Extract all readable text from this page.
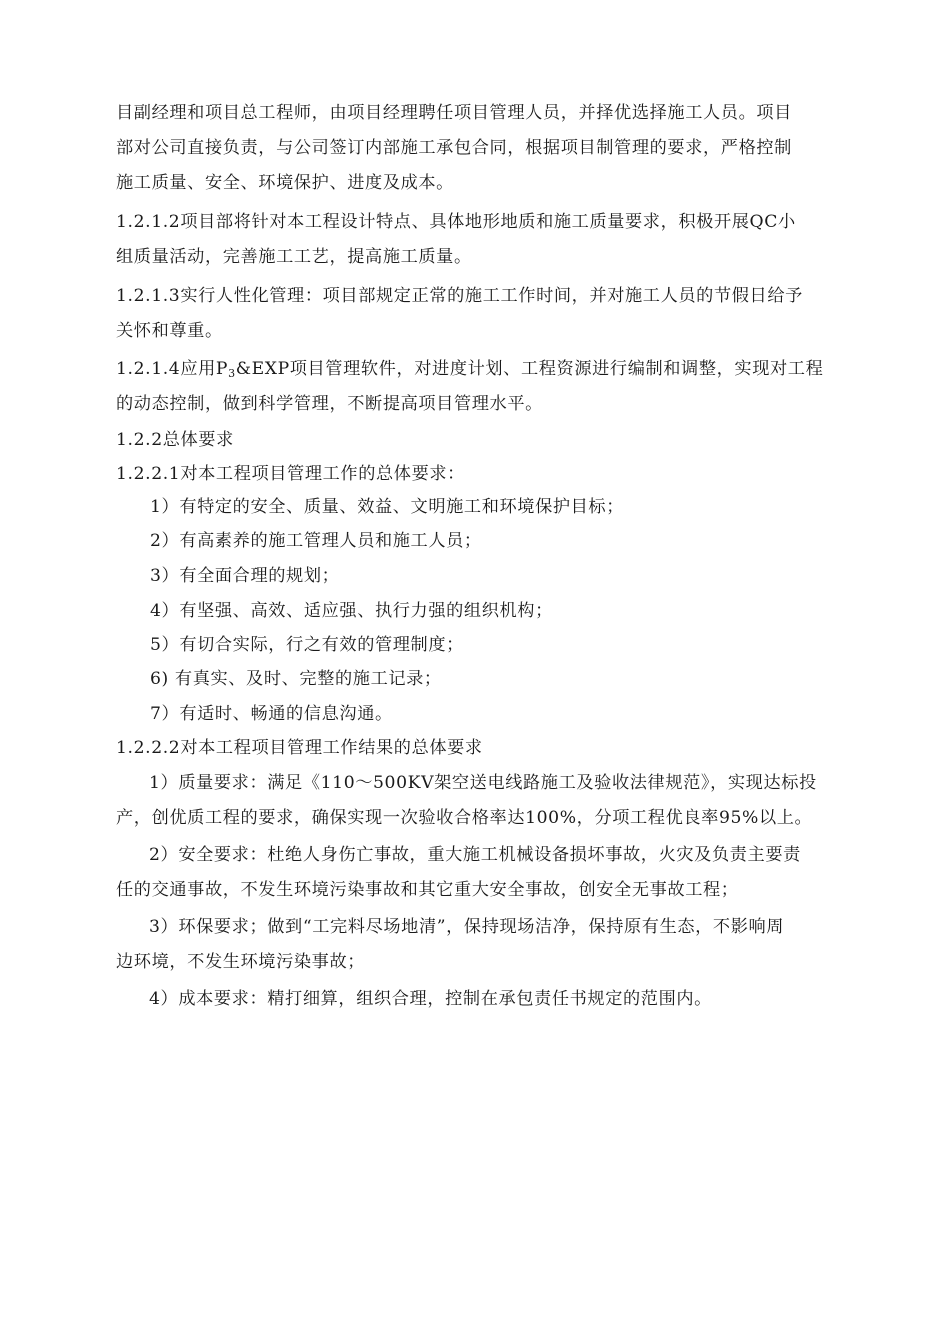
目副经理和项目总工程师，由项目经理聘任项目管理人员，并择优选择施工人员。项目
部对公司直接负责，与公司签订内部施工承包合同，根据项目制管理的要求，严格控制
施工质量、安全、环境保护、进度及成本。
1.2.1.2项目部将针对本工程设计特点、具体地形地质和施工质量要求，积极开展QC小
组质量活动，完善施工工艺，提高施工质量。
1.2.1.3实行人性化管理：项目部规定正常的施工工作时间，并对施工人员的节假日给予
关怀和尊重。
1.2.1.4应用$P_3\&EXP$项目管理软件，对进度计划、工程资源进行编制和调整，实现对工程
的动态控制，做到科学管理，不断提高项目管理水平。
1.2.2总体要求
1.2.2.1对本工程项目管理工作的总体要求：
1）有特定的安全、质量、效益、文明施工和环境保护目标；
2）有高素养的施工管理人员和施工人员；
3）有全面合理的规划；
4）有坚强、高效、适应强、执行力强的组织机构；
5）有切合实际，行之有效的管理制度；
6) 有真实、及时、完整的施工记录；
7）有适时、畅通的信息沟通。
1.2.2.2对本工程项目管理工作结果的总体要求
1）质量要求：满足《110～500KV架空送电线路施工及验收法律规范》，实现达标投
产，创优质工程的要求，确保实现一次验收合格率达100%，分项工程优良率95%以上。
2）安全要求：杜绝人身伤亡事故，重大施工机械设备损坏事故，火灾及负责主要责
任的交通事故，不发生环境污染事故和其它重大安全事故，创安全无事故工程；
3）环保要求；做到“工完料尽场地清”，保持现场洁净，保持原有生态，不影响周
边环境，不发生环境污染事故；
4）成本要求：精打细算，组织合理，控制在承包责任书规定的范围内。
